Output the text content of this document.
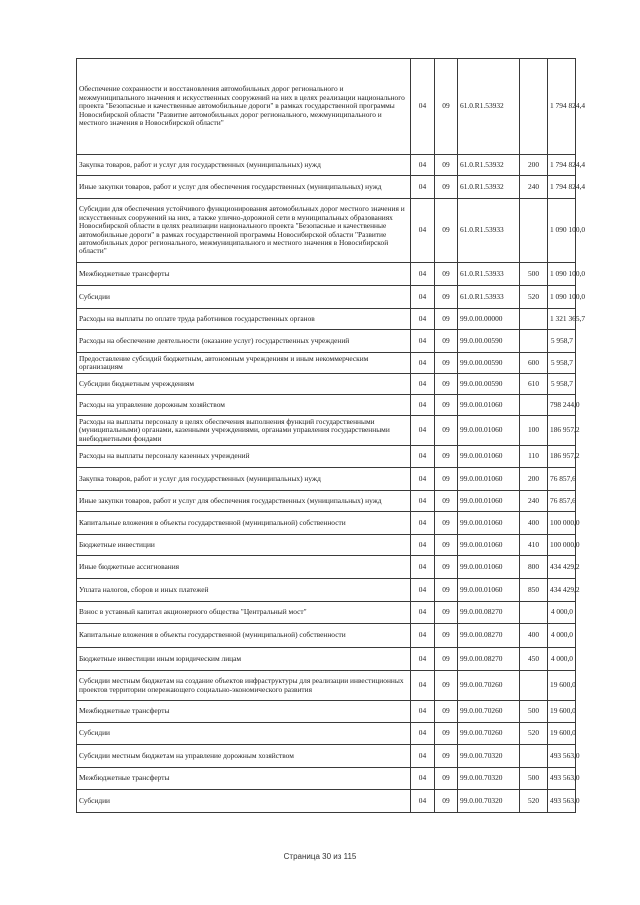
Обеспечение сохранности и восстановления автомобильных дорог регионального и межмуниципального значения и искусственных сооружений на них в целях реализации национального проекта "Безопасные и качественные автомобильные дороги" в рамках государственной программы Новосибирской области "Развитие автомобильных дорог регионального, межмуниципального и местного значения в Новосибирской области"	04	09	61.0.R1.53932		1 794 824,4
Закупка товаров, работ и услуг для государственных (муниципальных) нужд	04	09	61.0.R1.53932	200	1 794 824,4
Иные закупки товаров, работ и услуг для обеспечения государственных (муниципальных) нужд	04	09	61.0.R1.53932	240	1 794 824,4
Субсидии для обеспечения устойчивого функционирования автомобильных дорог местного значения и искусственных сооружений на них, а также улично-дорожной сети в муниципальных образованиях Новосибирской области в целях реализации национального проекта "Безопасные и качественные автомобильные дороги" в рамках государственной программы Новосибирской области "Развитие автомобильных дорог регионального, межмуниципального и местного значения в Новосибирской области"	04	09	61.0.R1.53933		1 090 100,0
Межбюджетные трансферты	04	09	61.0.R1.53933	500	1 090 100,0
Субсидии	04	09	61.0.R1.53933	520	1 090 100,0
Расходы на выплаты по оплате труда работников государственных органов	04	09	99.0.00.00000		1 321 365,7
Расходы на обеспечение деятельности (оказание услуг) государственных учреждений	04	09	99.0.00.00590		5 958,7
Предоставление субсидий бюджетным, автономным учреждениям и иным некоммерческим организациям	04	09	99.0.00.00590	600	5 958,7
Субсидии бюджетным учреждениям	04	09	99.0.00.00590	610	5 958,7
Расходы на управление дорожным хозяйством	04	09	99.0.00.01060		798 244,0
Расходы на выплаты персоналу в целях обеспечения выполнения функций государственными (муниципальными) органами, казенными учреждениями, органами управления государственными внебюджетными фондами	04	09	99.0.00.01060	100	186 957,2
Расходы на выплаты персоналу казенных учреждений	04	09	99.0.00.01060	110	186 957,2
Закупка товаров, работ и услуг для государственных (муниципальных) нужд	04	09	99.0.00.01060	200	76 857,6
Иные закупки товаров, работ и услуг для обеспечения государственных (муниципальных) нужд	04	09	99.0.00.01060	240	76 857,6
Капитальные вложения в объекты государственной (муниципальной) собственности	04	09	99.0.00.01060	400	100 000,0
Бюджетные инвестиции	04	09	99.0.00.01060	410	100 000,0
Иные бюджетные ассигнования	04	09	99.0.00.01060	800	434 429,2
Уплата налогов, сборов и иных платежей	04	09	99.0.00.01060	850	434 429,2
Взнос в уставный капитал акционерного общества "Центральный мост"	04	09	99.0.00.08270		4 000,0
Капитальные вложения в объекты государственной (муниципальной) собственности	04	09	99.0.00.08270	400	4 000,0
Бюджетные инвестиции иным юридическим лицам	04	09	99.0.00.08270	450	4 000,0
Субсидии местным бюджетам на создание объектов инфраструктуры для реализации инвестиционных проектов территории опережающего социально-экономического развития	04	09	99.0.00.70260		19 600,0
Межбюджетные трансферты	04	09	99.0.00.70260	500	19 600,0
Субсидии	04	09	99.0.00.70260	520	19 600,0
Субсидии местным бюджетам на управление дорожным хозяйством	04	09	99.0.00.70320		493 563,0
Межбюджетные трансферты	04	09	99.0.00.70320	500	493 563,0
Субсидии	04	09	99.0.00.70320	520	493 563,0
Страница 30 из 115
